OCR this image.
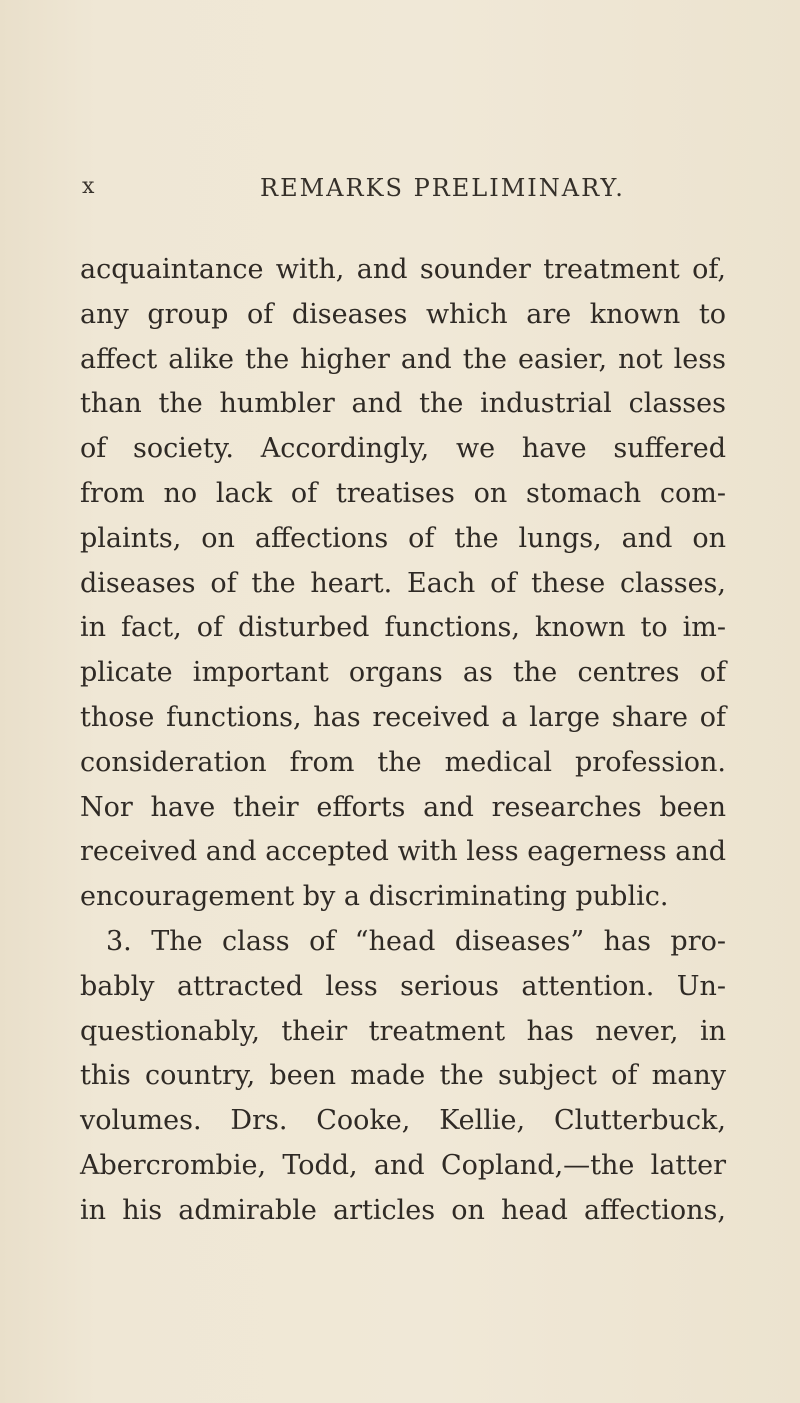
x	REMARKS PRELIMINARY.
acquaintance with, and sounder treatment of,
any group of diseases which are known to
affect alike the higher and the easier, not less
than the humbler and the industrial classes
of society. Accordingly, we have suffered
from no lack of treatises on stomach com-
plaints, on affections of the lungs, and on
diseases of the heart. Each of these classes,
in fact, of disturbed functions, known to im-
plicate important organs as the centres of
those functions, has received a large share of
consideration from the medical profession.
Nor have their efforts and researches been
received and accepted with less eagerness and
encouragement by a discriminating public.
3. The class of “head diseases” has pro-
bably attracted less serious attention. Un-
questionably, their treatment has never, in
this country, been made the subject of many
volumes. Drs. Cooke, Kellie, Clutterbuck,
Abercrombie, Todd, and Copland,—the latter
in his admirable articles on head affections,
